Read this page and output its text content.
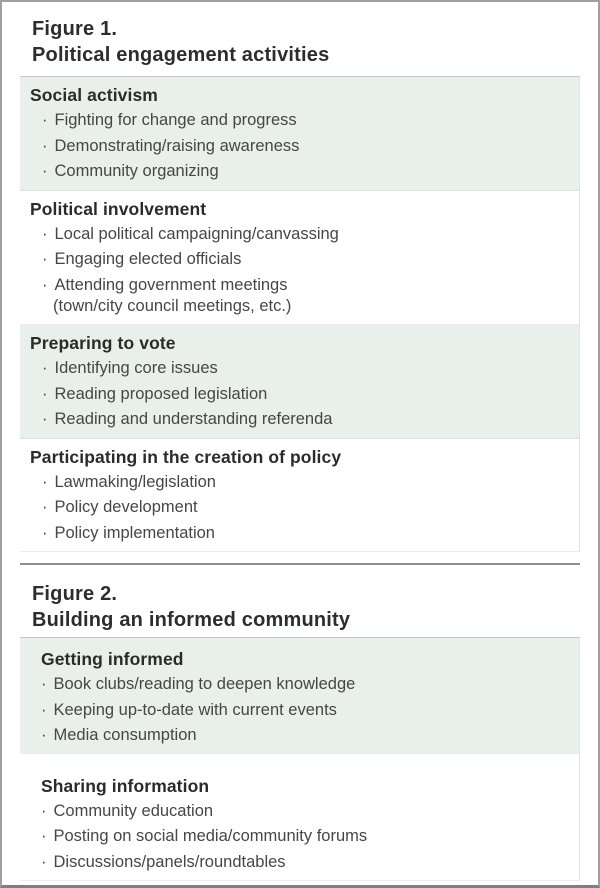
Figure 1.
Political engagement activities
Social activism
· Fighting for change and progress
· Demonstrating/raising awareness
· Community organizing
Political involvement
· Local political campaigning/canvassing
· Engaging elected officials
· Attending government meetings
(town/city council meetings, etc.)
Preparing to vote
· Identifying core issues
· Reading proposed legislation
· Reading and understanding referenda
Participating in the creation of policy
· Lawmaking/legislation
· Policy development
· Policy implementation
Figure 2.
Building an informed community
Getting informed
· Book clubs/reading to deepen knowledge
· Keeping up-to-date with current events
· Media consumption
Sharing information
· Community education
· Posting on social media/community forums
· Discussions/panels/roundtables
